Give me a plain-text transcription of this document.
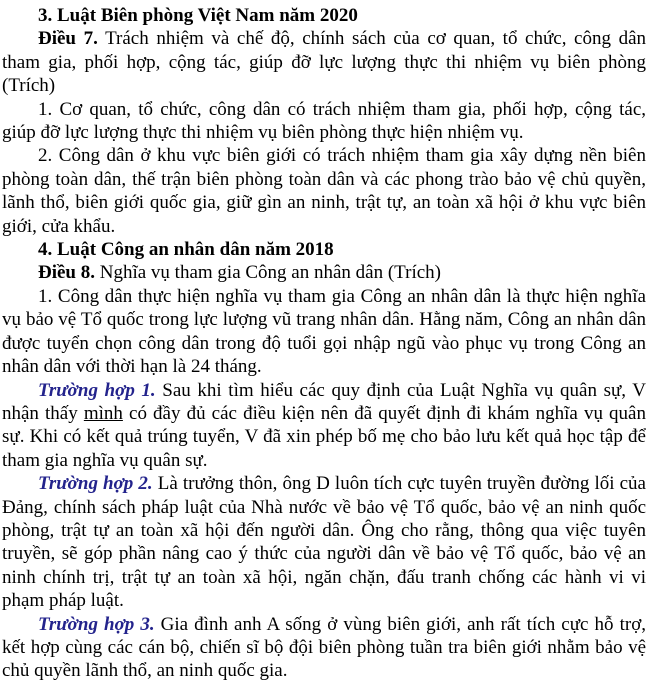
3. Luật Biên phòng Việt Nam năm 2020

Điều 7. Trách nhiệm và chế độ, chính sách của cơ quan, tổ chức, công dân tham gia, phối hợp, cộng tác, giúp đỡ lực lượng thực thi nhiệm vụ biên phòng (Trích)

1. Cơ quan, tổ chức, công dân có trách nhiệm tham gia, phối hợp, cộng tác, giúp đỡ lực lượng thực thi nhiệm vụ biên phòng thực hiện nhiệm vụ.

2. Công dân ở khu vực biên giới có trách nhiệm tham gia xây dựng nền biên phòng toàn dân, thế trận biên phòng toàn dân và các phong trào bảo vệ chủ quyền, lãnh thổ, biên giới quốc gia, giữ gìn an ninh, trật tự, an toàn xã hội ở khu vực biên giới, cửa khẩu.

4. Luật Công an nhân dân năm 2018

Điều 8. Nghĩa vụ tham gia Công an nhân dân (Trích)

1. Công dân thực hiện nghĩa vụ tham gia Công an nhân dân là thực hiện nghĩa vụ bảo vệ Tổ quốc trong lực lượng vũ trang nhân dân. Hằng năm, Công an nhân dân được tuyển chọn công dân trong độ tuổi gọi nhập ngũ vào phục vụ trong Công an nhân dân với thời hạn là 24 tháng.

Trường hợp 1. Sau khi tìm hiểu các quy định của Luật Nghĩa vụ quân sự, V nhận thấy mình có đầy đủ các điều kiện nên đã quyết định đi khám nghĩa vụ quân sự. Khi có kết quả trúng tuyển, V đã xin phép bố mẹ cho bảo lưu kết quả học tập để tham gia nghĩa vụ quân sự.

Trường hợp 2. Là trưởng thôn, ông D luôn tích cực tuyên truyền đường lối của Đảng, chính sách pháp luật của Nhà nước về bảo vệ Tổ quốc, bảo vệ an ninh quốc phòng, trật tự an toàn xã hội đến người dân. Ông cho rằng, thông qua việc tuyên truyền, sẽ góp phần nâng cao ý thức của người dân về bảo vệ Tổ quốc, bảo vệ an ninh chính trị, trật tự an toàn xã hội, ngăn chặn, đấu tranh chống các hành vi vi phạm pháp luật.

Trường hợp 3. Gia đình anh A sống ở vùng biên giới, anh rất tích cực hỗ trợ, kết hợp cùng các cán bộ, chiến sĩ bộ đội biên phòng tuần tra biên giới nhằm bảo vệ chủ quyền lãnh thổ, an ninh quốc gia.
